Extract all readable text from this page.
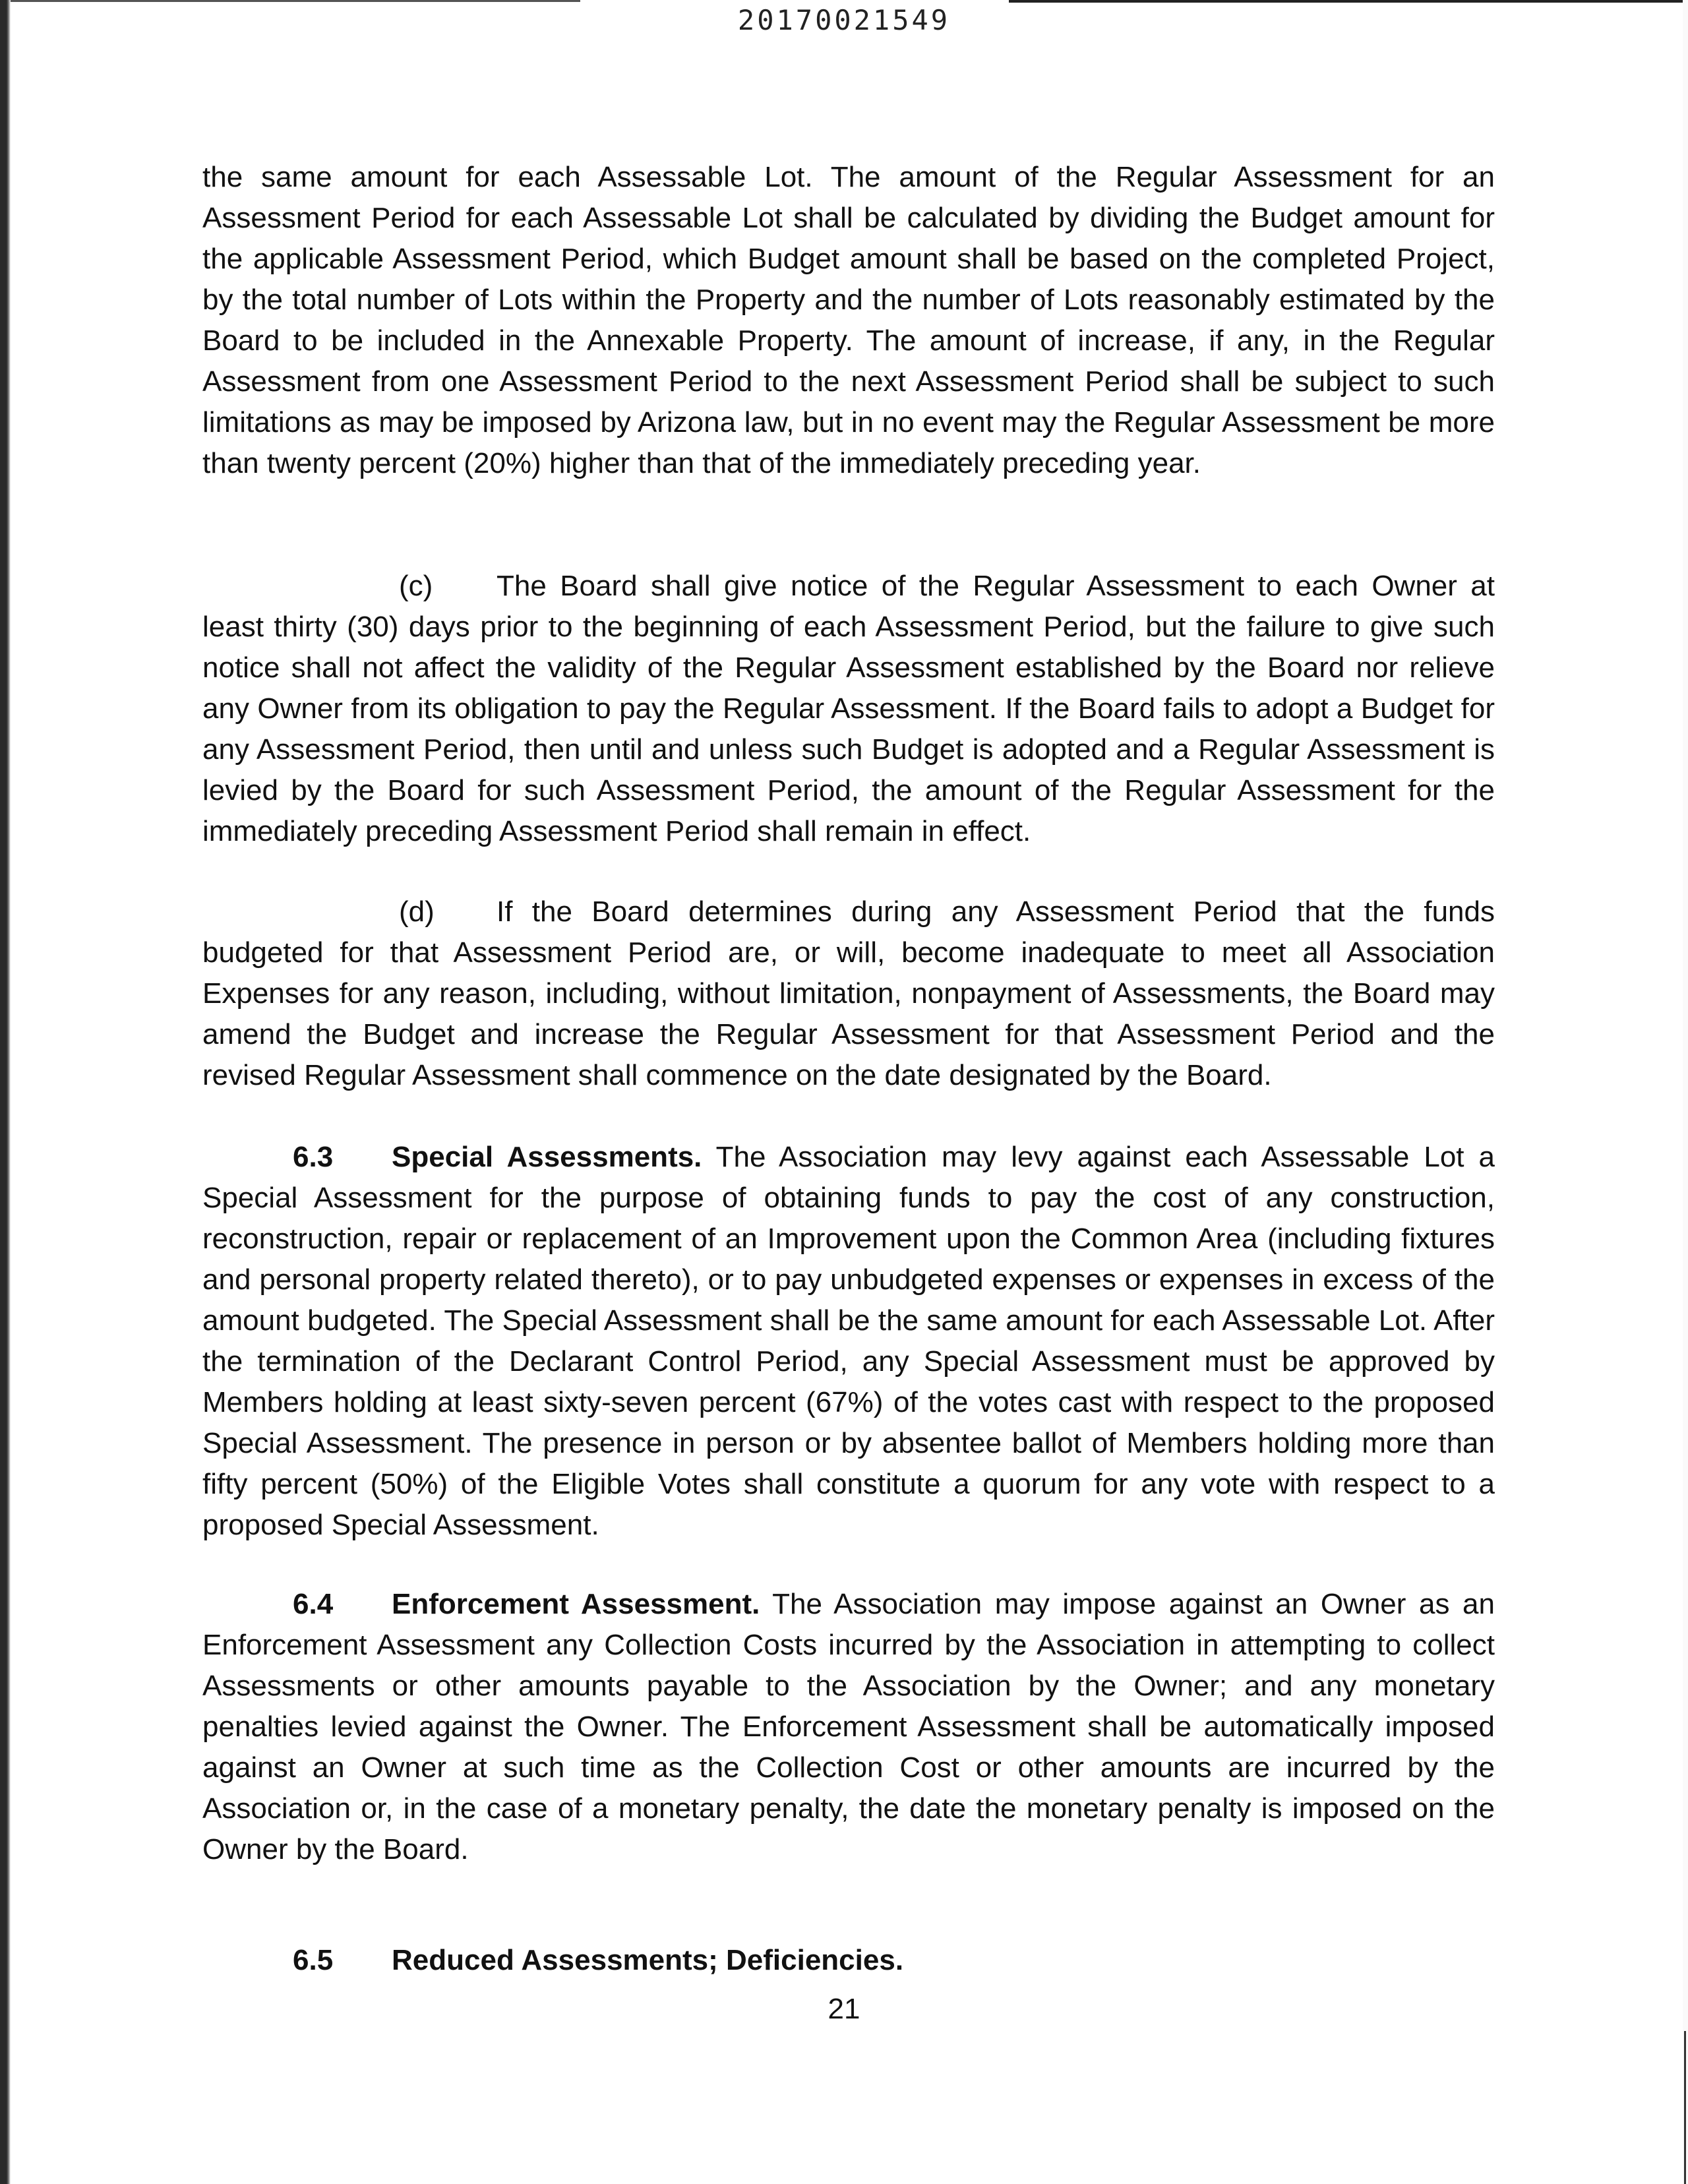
20170021549

the same amount for each Assessable Lot. The amount of the Regular Assessment for an Assessment Period for each Assessable Lot shall be calculated by dividing the Budget amount for the applicable Assessment Period, which Budget amount shall be based on the completed Project, by the total number of Lots within the Property and the number of Lots reasonably estimated by the Board to be included in the Annexable Property. The amount of increase, if any, in the Regular Assessment from one Assessment Period to the next Assessment Period shall be subject to such limitations as may be imposed by Arizona law, but in no event may the Regular Assessment be more than twenty percent (20%) higher than that of the immediately preceding year.

(c) The Board shall give notice of the Regular Assessment to each Owner at least thirty (30) days prior to the beginning of each Assessment Period, but the failure to give such notice shall not affect the validity of the Regular Assessment established by the Board nor relieve any Owner from its obligation to pay the Regular Assessment. If the Board fails to adopt a Budget for any Assessment Period, then until and unless such Budget is adopted and a Regular Assessment is levied by the Board for such Assessment Period, the amount of the Regular Assessment for the immediately preceding Assessment Period shall remain in effect.

(d) If the Board determines during any Assessment Period that the funds budgeted for that Assessment Period are, or will, become inadequate to meet all Association Expenses for any reason, including, without limitation, nonpayment of Assessments, the Board may amend the Budget and increase the Regular Assessment for that Assessment Period and the revised Regular Assessment shall commence on the date designated by the Board.

6.3 Special Assessments. The Association may levy against each Assessable Lot a Special Assessment for the purpose of obtaining funds to pay the cost of any construction, reconstruction, repair or replacement of an Improvement upon the Common Area (including fixtures and personal property related thereto), or to pay unbudgeted expenses or expenses in excess of the amount budgeted. The Special Assessment shall be the same amount for each Assessable Lot. After the termination of the Declarant Control Period, any Special Assessment must be approved by Members holding at least sixty-seven percent (67%) of the votes cast with respect to the proposed Special Assessment. The presence in person or by absentee ballot of Members holding more than fifty percent (50%) of the Eligible Votes shall constitute a quorum for any vote with respect to a proposed Special Assessment.

6.4 Enforcement Assessment. The Association may impose against an Owner as an Enforcement Assessment any Collection Costs incurred by the Association in attempting to collect Assessments or other amounts payable to the Association by the Owner; and any monetary penalties levied against the Owner. The Enforcement Assessment shall be automatically imposed against an Owner at such time as the Collection Cost or other amounts are incurred by the Association or, in the case of a monetary penalty, the date the monetary penalty is imposed on the Owner by the Board.

6.5 Reduced Assessments; Deficiencies.
21
